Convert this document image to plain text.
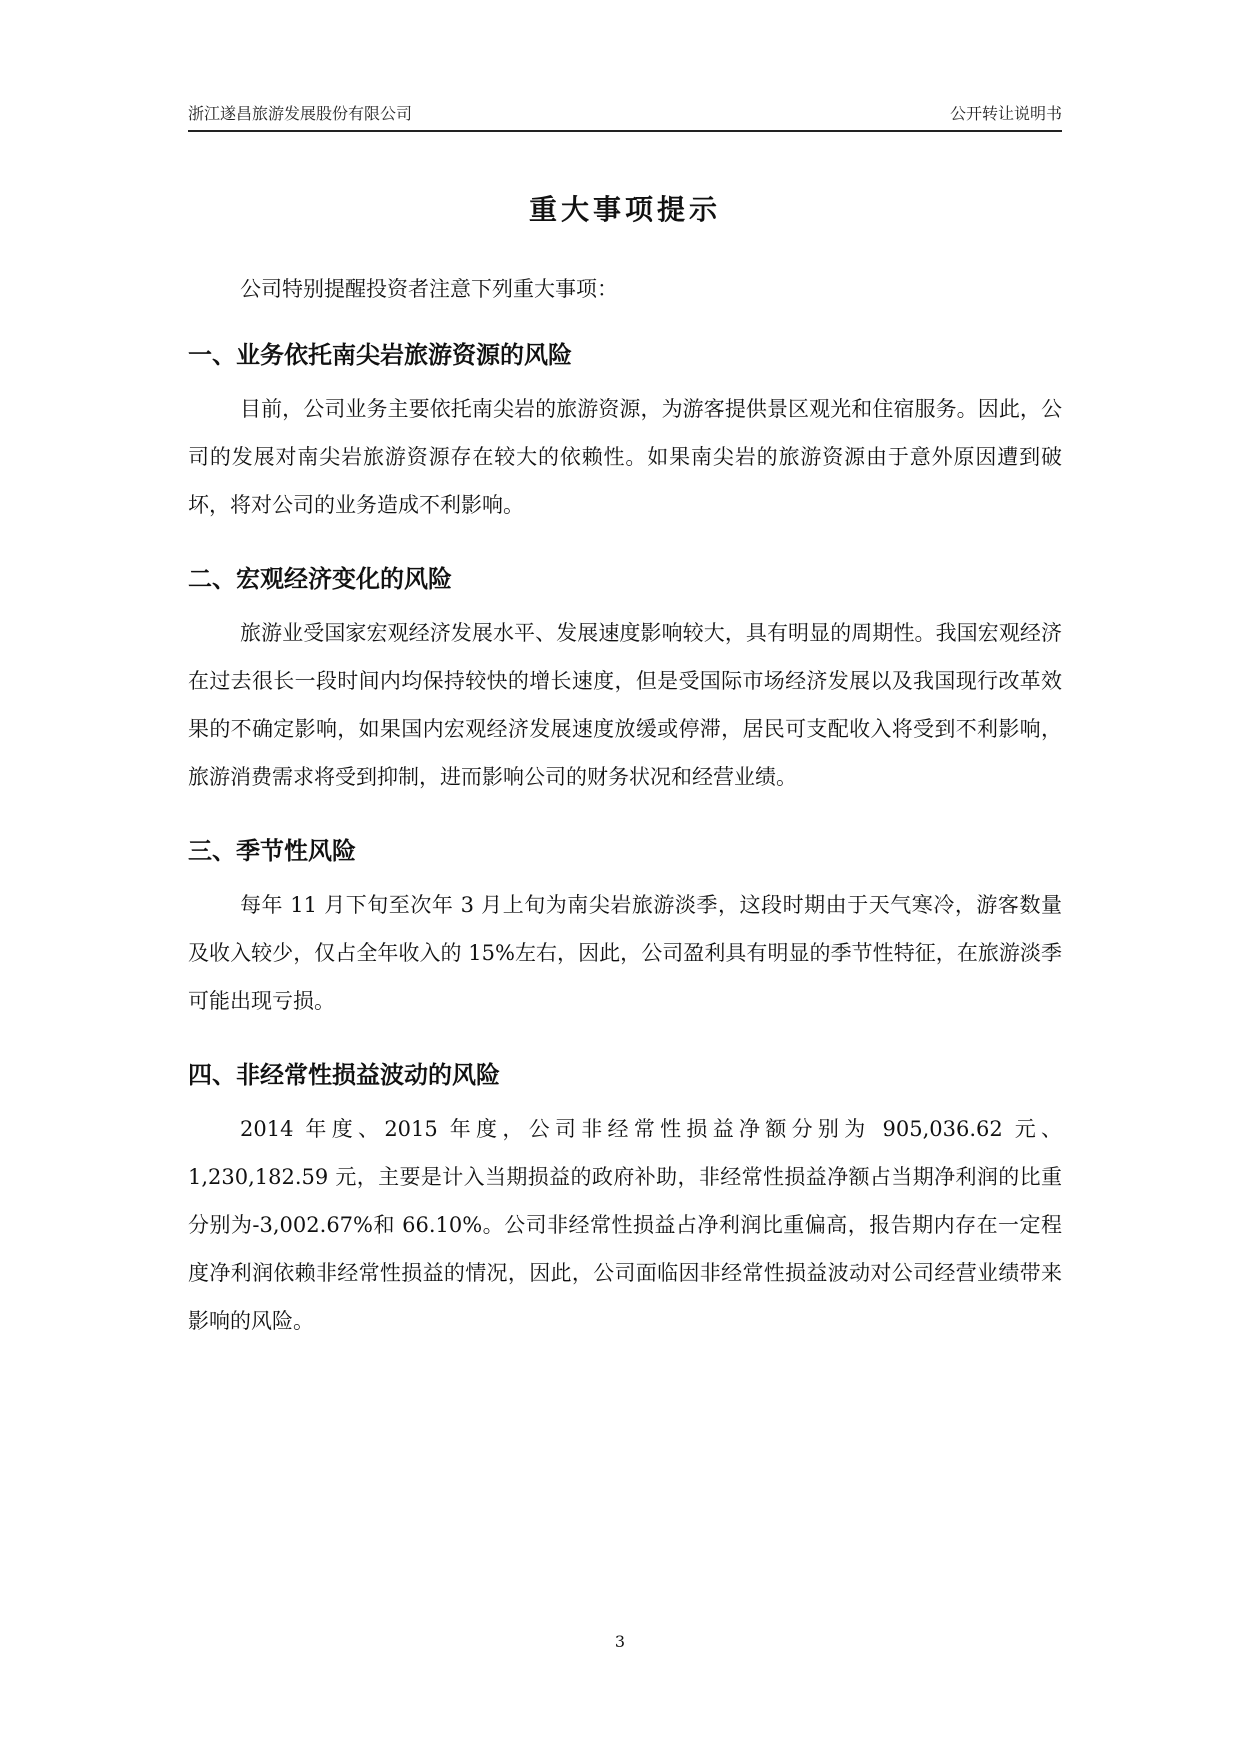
浙江遂昌旅游发展股份有限公司	公开转让说明书
重大事项提示

公司特别提醒投资者注意下列重大事项：

一、业务依托南尖岩旅游资源的风险

目前，公司业务主要依托南尖岩的旅游资源，为游客提供景区观光和住宿服务。因此，公司的发展对南尖岩旅游资源存在较大的依赖性。如果南尖岩的旅游资源由于意外原因遭到破坏，将对公司的业务造成不利影响。

二、宏观经济变化的风险

旅游业受国家宏观经济发展水平、发展速度影响较大，具有明显的周期性。我国宏观经济在过去很长一段时间内均保持较快的增长速度，但是受国际市场经济发展以及我国现行改革效果的不确定影响，如果国内宏观经济发展速度放缓或停滞，居民可支配收入将受到不利影响，旅游消费需求将受到抑制，进而影响公司的财务状况和经营业绩。

三、季节性风险

每年 11 月下旬至次年 3 月上旬为南尖岩旅游淡季，这段时期由于天气寒冷，游客数量及收入较少，仅占全年收入的 15%左右，因此，公司盈利具有明显的季节性特征，在旅游淡季可能出现亏损。

四、非经常性损益波动的风险

2014 年度、2015 年度，公司非经常性损益净额分别为 905,036.62 元、1,230,182.59 元，主要是计入当期损益的政府补助，非经常性损益净额占当期净利润的比重分别为-3,002.67%和 66.10%。公司非经常性损益占净利润比重偏高，报告期内存在一定程度净利润依赖非经常性损益的情况，因此，公司面临因非经常性损益波动对公司经营业绩带来影响的风险。

3
